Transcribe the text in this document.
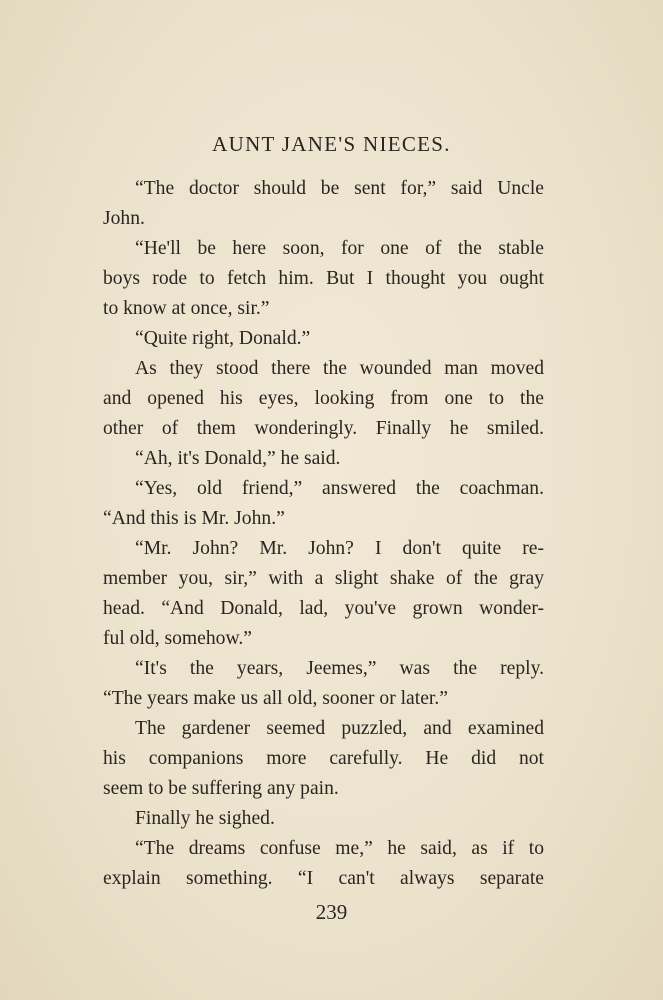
AUNT JANE'S NIECES.
“The doctor should be sent for,” said Uncle
John.
“He'll be here soon, for one of the stable
boys rode to fetch him. But I thought you ought
to know at once, sir.”
“Quite right, Donald.”
As they stood there the wounded man moved
and opened his eyes, looking from one to the
other of them wonderingly. Finally he smiled.
“Ah, it's Donald,” he said.
“Yes, old friend,” answered the coachman.
“And this is Mr. John.”
“Mr. John? Mr. John? I don't quite re-
member you, sir,” with a slight shake of the gray
head. “And Donald, lad, you've grown wonder-
ful old, somehow.”
“It's the years, Jeemes,” was the reply.
“The years make us all old, sooner or later.”
The gardener seemed puzzled, and examined
his companions more carefully. He did not
seem to be suffering any pain.
Finally he sighed.
“The dreams confuse me,” he said, as if to
explain something. “I can't always separate
239
